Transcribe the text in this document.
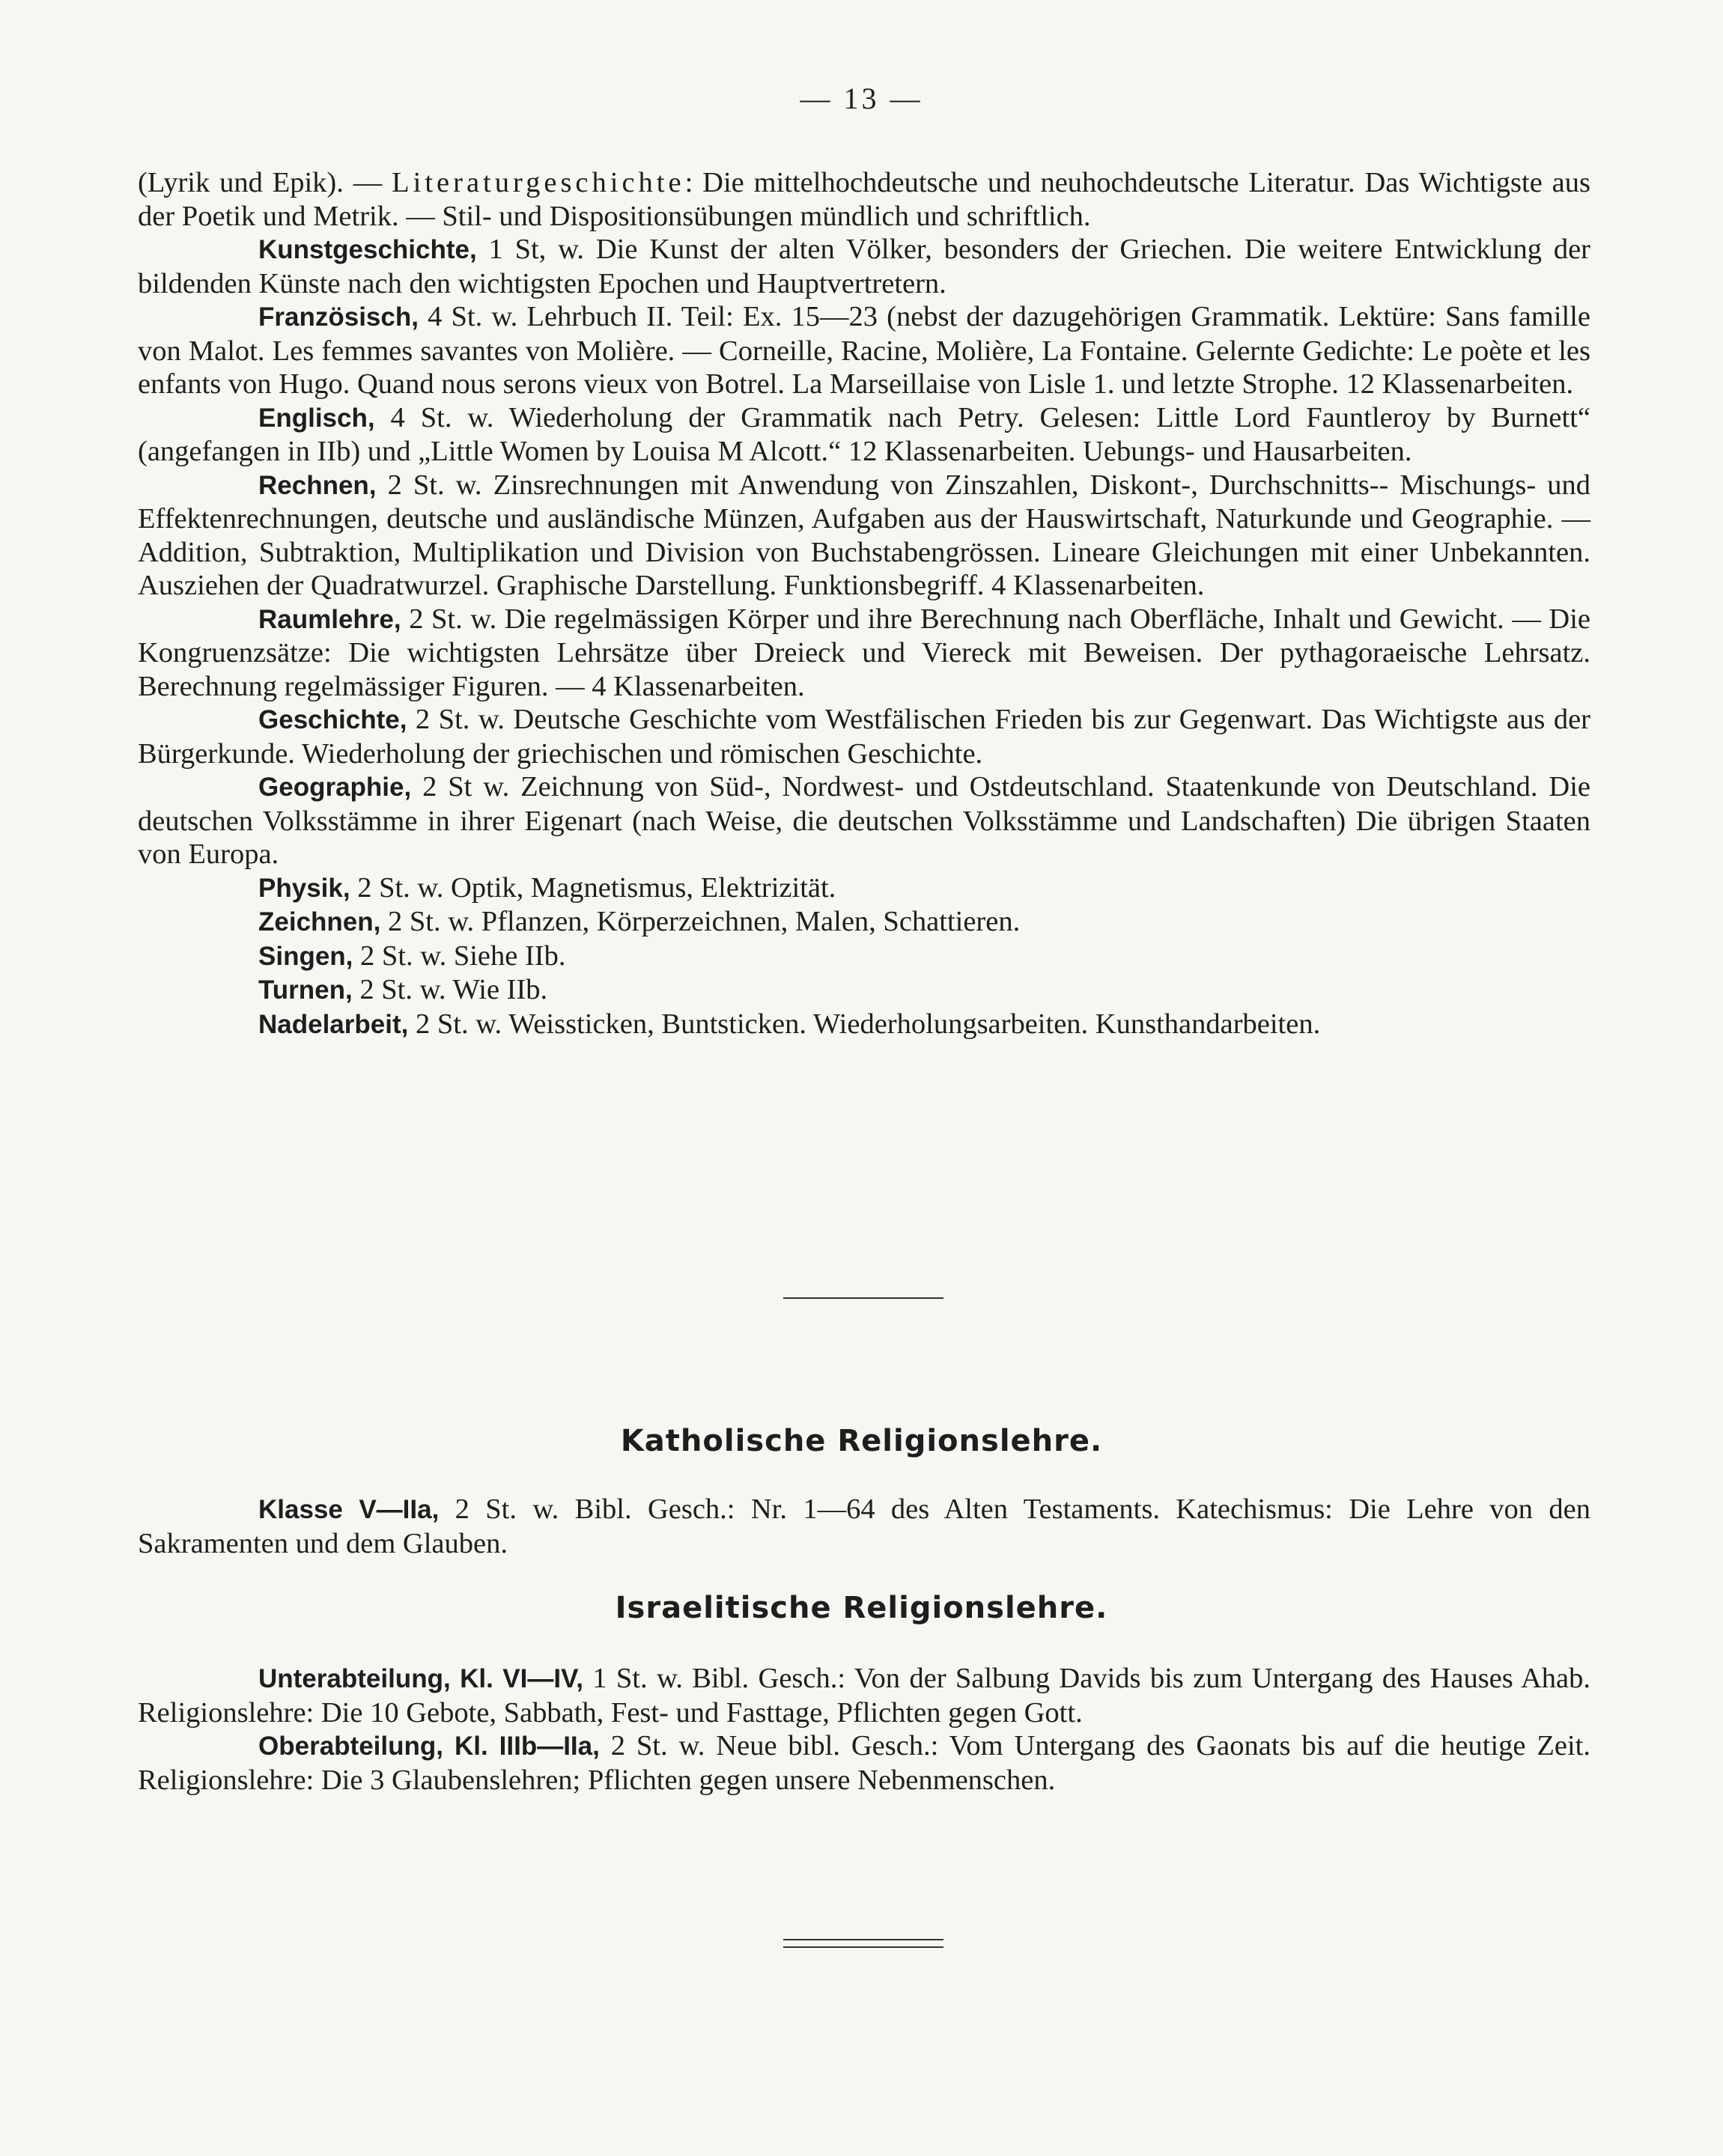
— 13 —

(Lyrik und Epik). — Literaturgeschichte: Die mittelhochdeutsche und neuhochdeutsche Literatur. Das Wichtigste aus der Poetik und Metrik. — Stil- und Dispositionsübungen mündlich und schriftlich.

Kunstgeschichte, 1 St, w. Die Kunst der alten Völker, besonders der Griechen. Die weitere Entwicklung der bildenden Künste nach den wichtigsten Epochen und Hauptvertretern.

Französisch, 4 St. w. Lehrbuch II. Teil: Ex. 15—23 (nebst der dazugehörigen Grammatik. Lektüre: Sans famille von Malot. Les femmes savantes von Molière. — Corneille, Racine, Molière, La Fontaine. Gelernte Gedichte: Le poète et les enfants von Hugo. Quand nous serons vieux von Botrel. La Marseillaise von Lisle 1. und letzte Strophe. 12 Klassenarbeiten.

Englisch, 4 St. w. Wiederholung der Grammatik nach Petry. Gelesen: Little Lord Fauntleroy by Burnett“ (angefangen in IIb) und „Little Women by Louisa M Alcott.“ 12 Klassenarbeiten. Uebungs- und Hausarbeiten.

Rechnen, 2 St. w. Zinsrechnungen mit Anwendung von Zinszahlen, Diskont-, Durchschnitts-- Mischungs- und Effektenrechnungen, deutsche und ausländische Münzen, Aufgaben aus der Hauswirtschaft, Naturkunde und Geographie. — Addition, Subtraktion, Multiplikation und Division von Buchstabengrössen. Lineare Gleichungen mit einer Unbekannten. Ausziehen der Quadratwurzel. Graphische Darstellung. Funktionsbegriff. 4 Klassenarbeiten.

Raumlehre, 2 St. w. Die regelmässigen Körper und ihre Berechnung nach Oberfläche, Inhalt und Gewicht. — Die Kongruenzsätze: Die wichtigsten Lehrsätze über Dreieck und Viereck mit Beweisen. Der pythagoraeische Lehrsatz. Berechnung regelmässiger Figuren. — 4 Klassenarbeiten.

Geschichte, 2 St. w. Deutsche Geschichte vom Westfälischen Frieden bis zur Gegenwart. Das Wichtigste aus der Bürgerkunde. Wiederholung der griechischen und römischen Geschichte.

Geographie, 2 St w. Zeichnung von Süd-, Nordwest- und Ostdeutschland. Staatenkunde von Deutschland. Die deutschen Volksstämme in ihrer Eigenart (nach Weise, die deutschen Volksstämme und Landschaften) Die übrigen Staaten von Europa.

Physik, 2 St. w. Optik, Magnetismus, Elektrizität.

Zeichnen, 2 St. w. Pflanzen, Körperzeichnen, Malen, Schattieren.

Singen, 2 St. w. Siehe IIb.

Turnen, 2 St. w. Wie IIb.

Nadelarbeit, 2 St. w. Weissticken, Buntsticken. Wiederholungsarbeiten. Kunsthandarbeiten.

Katholische Religionslehre.

Klasse V—IIa, 2 St. w. Bibl. Gesch.: Nr. 1—64 des Alten Testaments. Katechismus: Die Lehre von den Sakramenten und dem Glauben.

Israelitische Religionslehre.

Unterabteilung, Kl. VI—IV, 1 St. w. Bibl. Gesch.: Von der Salbung Davids bis zum Untergang des Hauses Ahab. Religionslehre: Die 10 Gebote, Sabbath, Fest- und Fasttage, Pflichten gegen Gott.

Oberabteilung, Kl. IIIb—IIa, 2 St. w. Neue bibl. Gesch.: Vom Untergang des Gaonats bis auf die heutige Zeit. Religionslehre: Die 3 Glaubenslehren; Pflichten gegen unsere Nebenmenschen.
